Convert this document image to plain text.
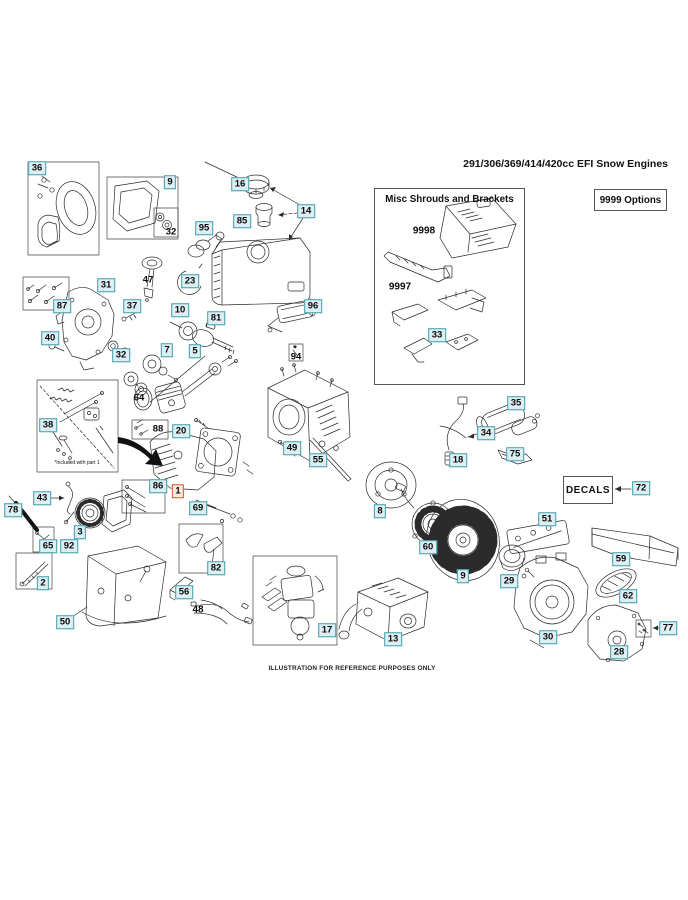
291/306/369/414/420cc EFI Snow Engines
Misc Shrouds and Brackets	9999 Options
DECALS
*Included with part 1
ILLUSTRATION FOR REFERENCE PURPOSES ONLY
36
9
32
16
85
14
95
47	23
31
87	37	96
10
81
40
32	7	5
94
*
33
9998
9997
64
38	88	20
49
55
86	1
69
43
78
18
34
35
75
72
65	92
3
2
8
60
9	29
51
59
50
56
48
82
17
13	30
62
28
77
